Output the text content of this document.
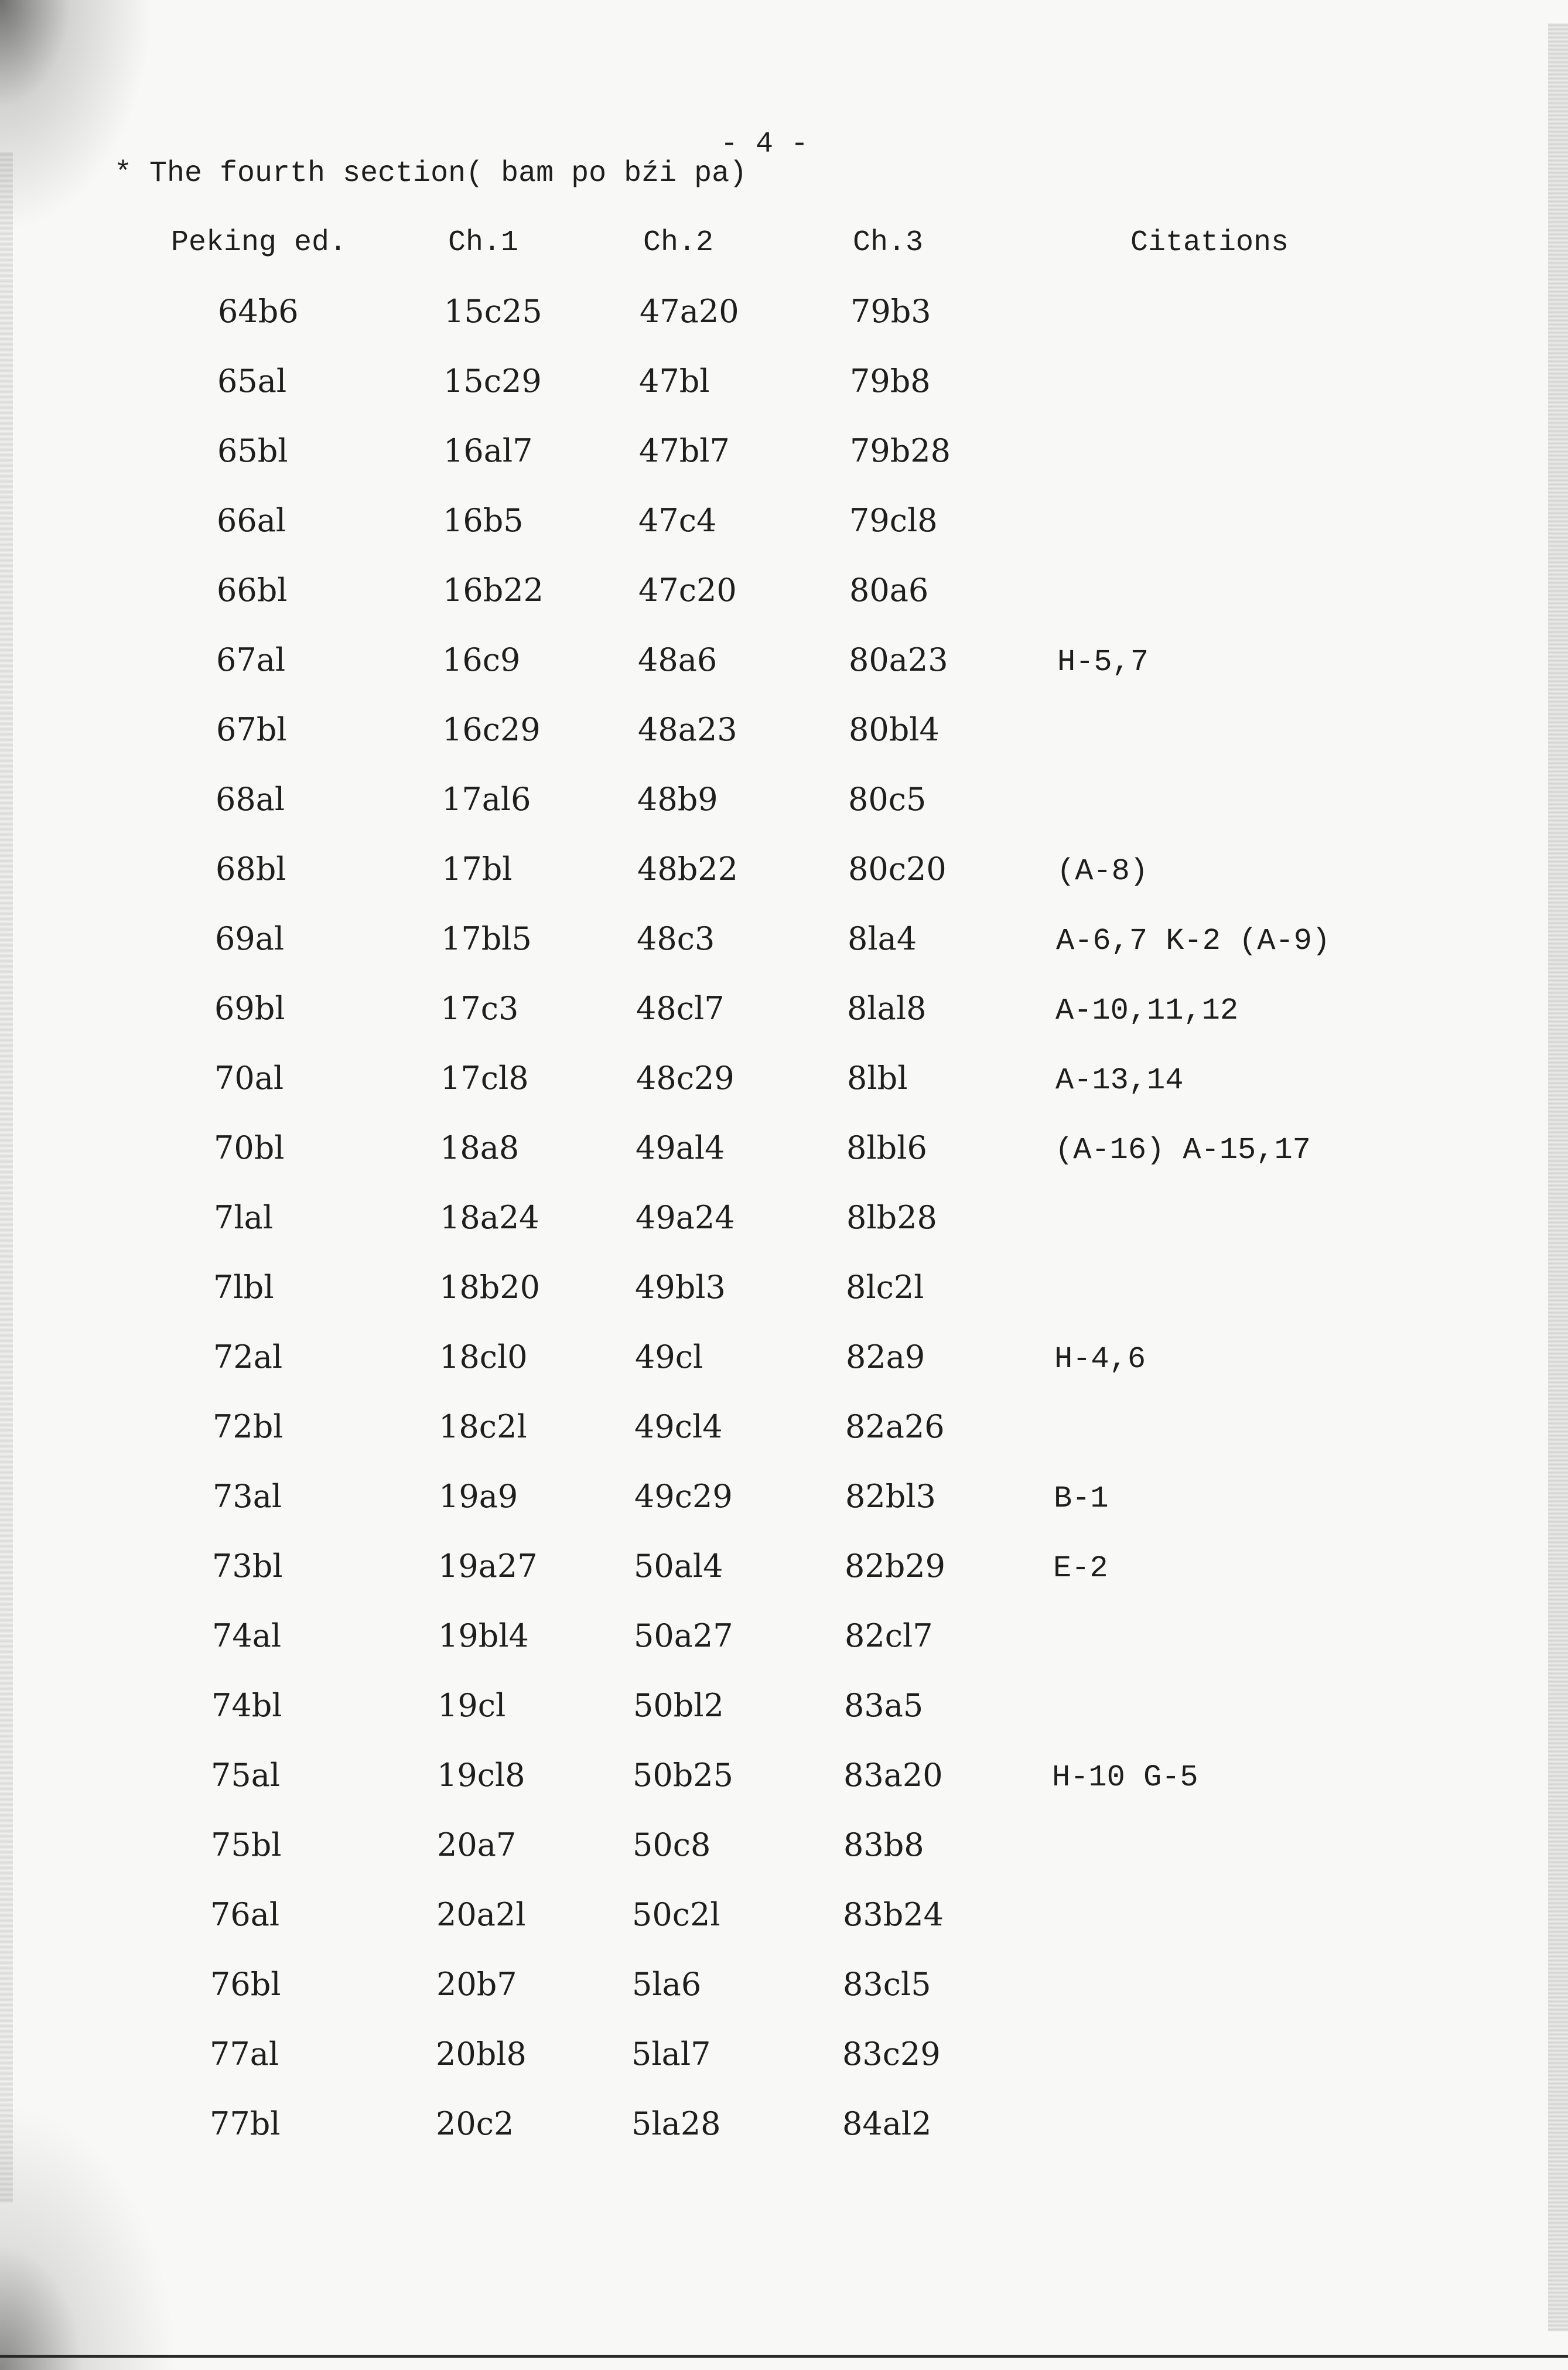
- 4 -
* The fourth section( bam po bźi pa)
Peking ed.	Ch.1	Ch.2	Ch.3	Citations
64b6	15c25	47a20	79b3
65al	15c29	47bl	79b8
65bl	16al7	47bl7	79b28
66al	16b5	47c4	79cl8
66bl	16b22	47c20	80a6
67al	16c9	48a6	80a23	H-5,7
67bl	16c29	48a23	80bl4
68al	17al6	48b9	80c5
68bl	17bl	48b22	80c20	(A-8)
69al	17bl5	48c3	8la4	A-6,7 K-2 (A-9)
69bl	17c3	48cl7	8lal8	A-10,11,12
70al	17cl8	48c29	8lbl	A-13,14
70bl	18a8	49al4	8lbl6	(A-16) A-15,17
7lal	18a24	49a24	8lb28
7lbl	18b20	49bl3	8lc2l
72al	18cl0	49cl	82a9	H-4,6
72bl	18c2l	49cl4	82a26
73al	19a9	49c29	82bl3	B-1
73bl	19a27	50al4	82b29	E-2
74al	19bl4	50a27	82cl7
74bl	19cl	50bl2	83a5
75al	19cl8	50b25	83a20	H-10 G-5
75bl	20a7	50c8	83b8
76al	20a2l	50c2l	83b24
76bl	20b7	5la6	83cl5
77al	20bl8	5lal7	83c29
77bl	20c2	5la28	84al2
